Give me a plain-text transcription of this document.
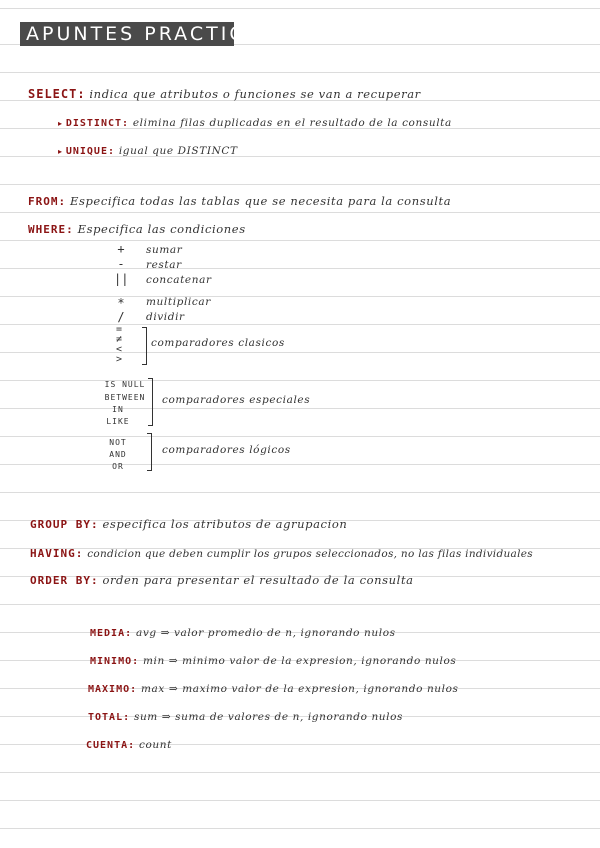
APUNTES PRACTICAS
SELECT: indica que atributos o funciones se van a recuperar
▸ DISTINCT: elimina filas duplicadas en el resultado de la consulta
▸ UNIQUE: igual que DISTINCT
FROM: Especifica todas las tablas que se necesita para la consulta
WHERE: Especifica las condiciones
+	sumar
-	restar
|| concatenar
*	multiplicar
/	dividir
=
≠
<
>
comparadores clasicos
IS NULL
BETWEEN
IN
LIKE
comparadores especiales
NOT
AND
OR
comparadores lógicos
GROUP BY: especifica los atributos de agrupacion
HAVING: condicion que deben cumplir los grupos seleccionados, no las filas individuales
ORDER BY: orden para presentar el resultado de la consulta
MEDIA: avg ⇒ valor promedio de n, ignorando nulos
MINIMO: min ⇒ minimo valor de la expresion, ignorando nulos
MAXIMO: max ⇒ maximo valor de la expresion, ignorando nulos
TOTAL: sum ⇒ suma de valores de n, ignorando nulos
CUENTA: count
